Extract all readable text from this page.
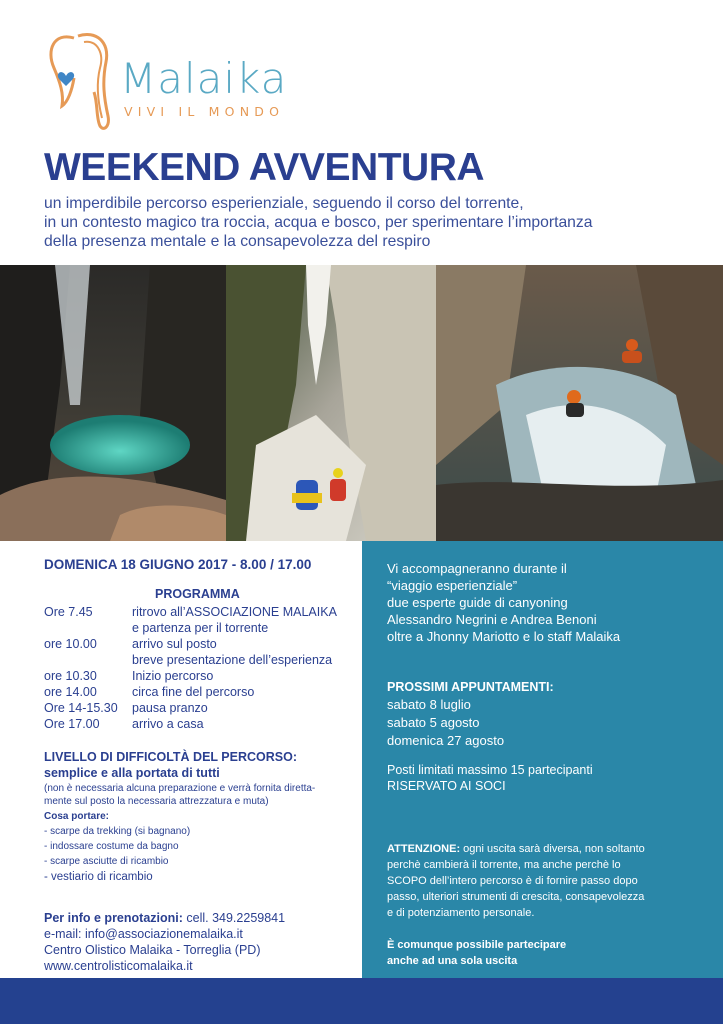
Malaika
VIVI IL MONDO
WEEKEND AVVENTURA
un imperdibile percorso esperienziale, seguendo il corso del torrente,
in un contesto magico tra roccia, acqua e bosco, per sperimentare l’importanza
della presenza mentale e la consapevolezza del respiro
DOMENICA 18 GIUGNO 2017 - 8.00 / 17.00
PROGRAMMA
Ore 7.45	ritrovo all’ASSOCIAZIONE MALAIKA
e partenza per il torrente
ore 10.00	arrivo sul posto
breve presentazione dell’esperienza
ore 10.30	Inizio percorso
ore 14.00	circa fine del percorso
Ore 14-15.30 pausa pranzo
Ore 17.00	arrivo a casa
LIVELLO DI DIFFICOLTÀ DEL PERCORSO:
semplice e alla portata di tutti
(non è necessaria alcuna preparazione e verrà fornita diretta-
mente sul posto la necessaria attrezzatura e muta)
Cosa portare:
- scarpe da trekking (si bagnano)
- indossare costume da bagno
- scarpe asciutte di ricambio
- vestiario di ricambio
Per info e prenotazioni: cell. 349.2259841
e-mail: info@associazionemalaika.it
Centro Olistico Malaika - Torreglia (PD)
www.centrolisticomalaika.it
Vi accompagneranno durante il
“viaggio esperienziale”
due esperte guide di canyoning
Alessandro Negrini e Andrea Benoni
oltre a Jhonny Mariotto e lo staff Malaika
PROSSIMI APPUNTAMENTI:
sabato 8 luglio
sabato 5 agosto
domenica 27 agosto
Posti limitati massimo 15 partecipanti
RISERVATO AI SOCI
ATTENZIONE: ogni uscita sarà diversa, non soltanto
perchè cambierà il torrente, ma anche perchè lo
SCOPO dell’intero percorso è di fornire passo dopo
passo, ulteriori strumenti di crescita, consapevolezza
e di potenziamento personale.
È comunque possibile partecipare
anche ad una sola uscita
